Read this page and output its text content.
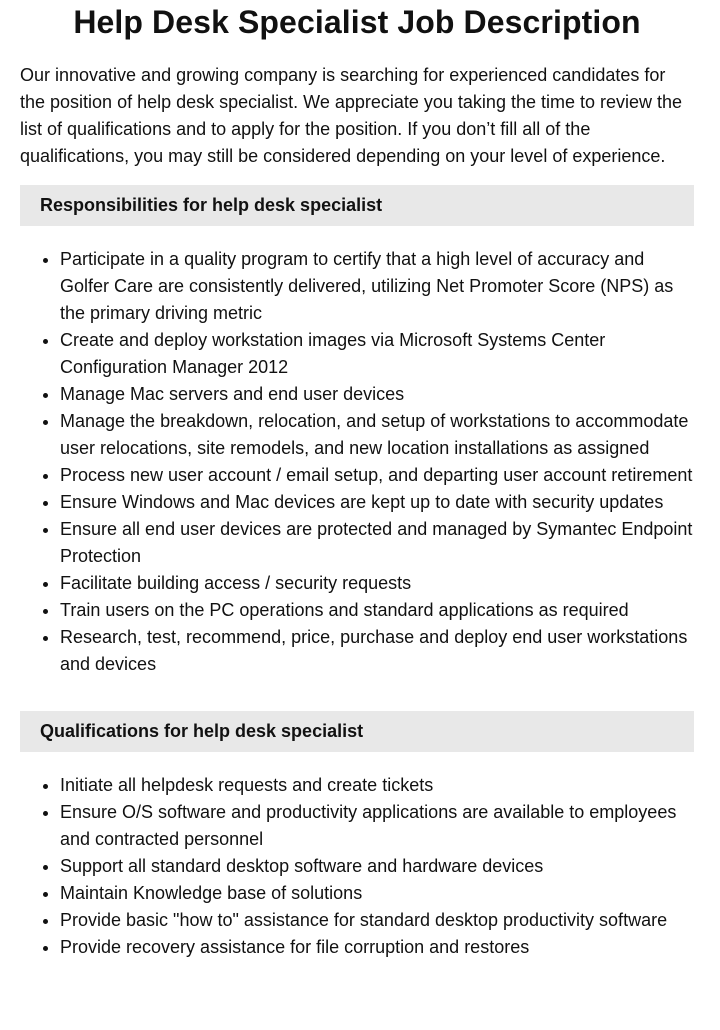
Help Desk Specialist Job Description

Our innovative and growing company is searching for experienced candidates for the position of help desk specialist. We appreciate you taking the time to review the list of qualifications and to apply for the position. If you don’t fill all of the qualifications, you may still be considered depending on your level of experience.

Responsibilities for help desk specialist
• Participate in a quality program to certify that a high level of accuracy and Golfer Care are consistently delivered, utilizing Net Promoter Score (NPS) as the primary driving metric
• Create and deploy workstation images via Microsoft Systems Center Configuration Manager 2012
• Manage Mac servers and end user devices
• Manage the breakdown, relocation, and setup of workstations to accommodate user relocations, site remodels, and new location installations as assigned
• Process new user account / email setup, and departing user account retirement
• Ensure Windows and Mac devices are kept up to date with security updates
• Ensure all end user devices are protected and managed by Symantec Endpoint Protection
• Facilitate building access / security requests
• Train users on the PC operations and standard applications as required
• Research, test, recommend, price, purchase and deploy end user workstations and devices
Qualifications for help desk specialist
• Initiate all helpdesk requests and create tickets
• Ensure O/S software and productivity applications are available to employees and contracted personnel
• Support all standard desktop software and hardware devices
• Maintain Knowledge base of solutions
• Provide basic "how to" assistance for standard desktop productivity software
• Provide recovery assistance for file corruption and restores
